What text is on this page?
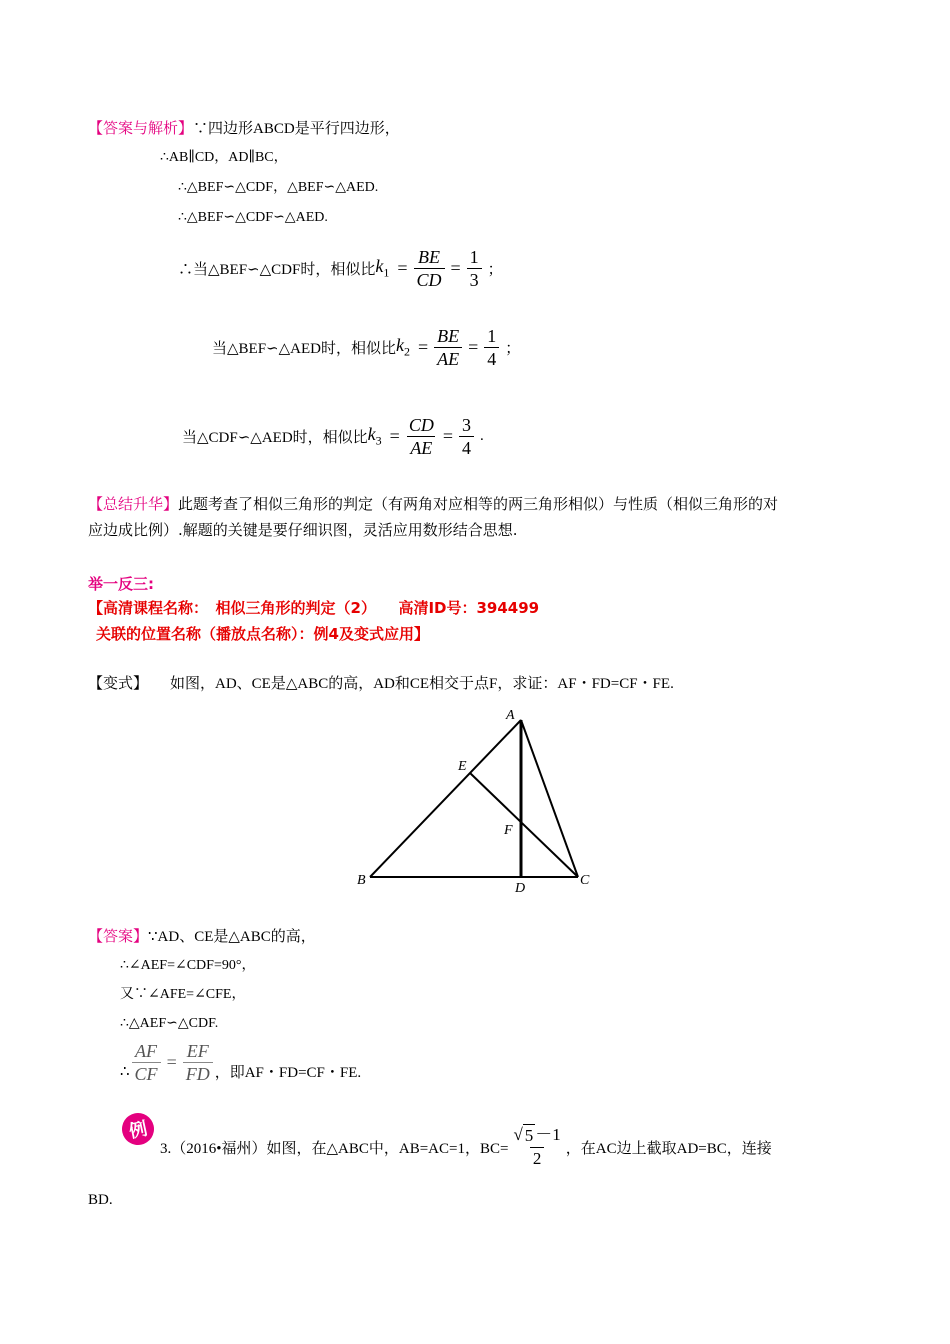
【答案与解析】∵四边形ABCD是平行四边形，
∴AB∥CD，AD∥BC，
∴△BEF∽△CDF，△BEF∽△AED.
∴△BEF∽△CDF∽△AED.
∴当△BEF∽△CDF时，相似比 $k_1 = \frac{BE}{CD} = \frac{1}{3}$ ；
当△BEF∽△AED时，相似比 $k_2 = \frac{BE}{AE} = \frac{1}{4}$ ；
当△CDF∽△AED时，相似比 $k_3 = \frac{CD}{AE} = \frac{3}{4}$ .
【总结升华】此题考查了相似三角形的判定（有两角对应相等的两三角形相似）与性质（相似三角形的对
应边成比例）.解题的关键是要仔细识图，灵活应用数形结合思想.
举一反三:
【高清课程名称：　相似三角形的判定（2）　　高清ID号：394499
关联的位置名称（播放点名称）：例4及变式应用】
【变式】 如图，AD、CE是△ABC的高，AD和CE相交于点F，求证：AF・FD=CF・FE.
A
B	C
D
E
F
【答案】∵AD、CE是△ABC的高，
∴∠AEF=∠CDF=90°，
又∵∠AFE=∠CFE，
∴△AEF∽△CDF.
∴ $\frac{AF}{CF} = \frac{EF}{FD}$ ，即AF・FD=CF・FE.
例
3.（2016•福州）如图，在△ABC中，AB=AC=1，$BC= \frac{√ 5 -1}{2}$ ，在AC边上截取AD=BC，连接
BD.
